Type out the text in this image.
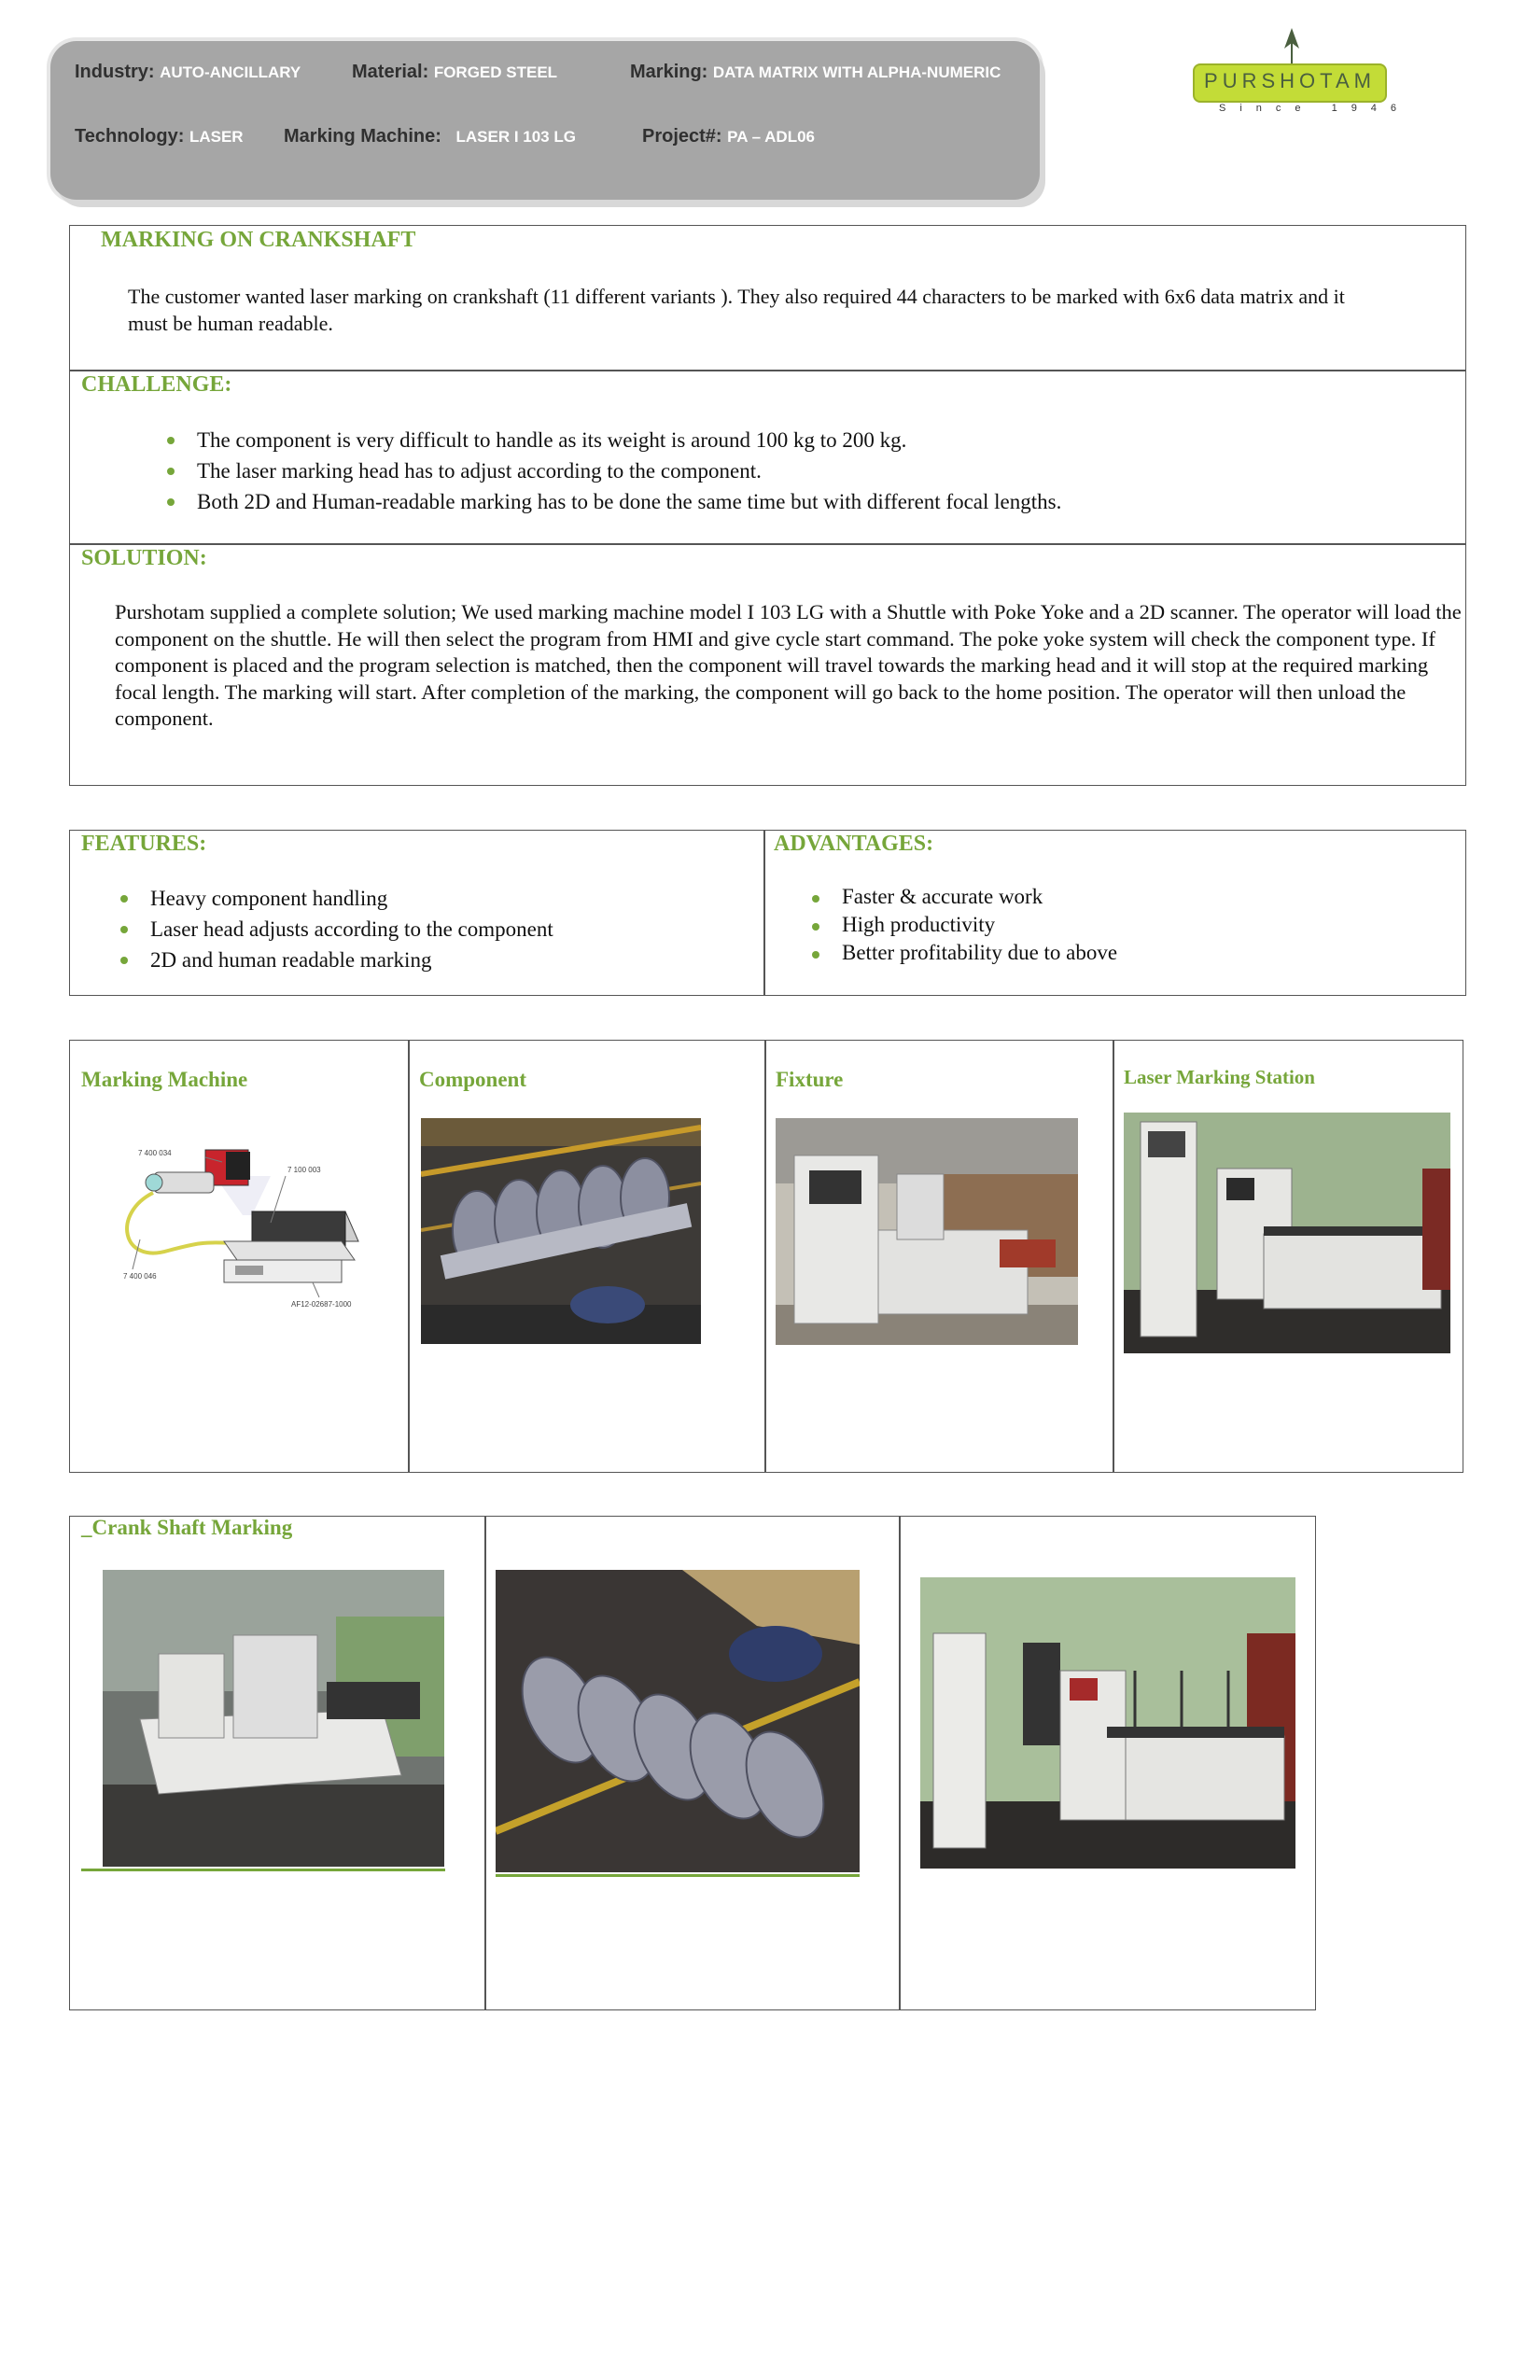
Industry: AUTO-ANCILLARY	Material: FORGED STEEL	Marking: DATA MATRIX WITH ALPHA-NUMERIC
Technology: LASER Marking Machine: LASER I 103 LG	Project#: PA – ADL06
PURSHOTAM
Since 1946
MARKING ON CRANKSHAFT
The customer wanted laser marking on crankshaft (11 different variants ). They also required 44 characters to be marked with 6x6 data matrix and it must be human readable.
CHALLENGE:
The component is very difficult to handle as its weight is around 100 kg to 200 kg.
The laser marking head has to adjust according to the component.
Both 2D and Human-readable marking has to be done the same time but with different focal lengths.
SOLUTION:
Purshotam supplied a complete solution; We used marking machine model I 103 LG with a Shuttle with Poke Yoke and a 2D scanner. The operator will load the component on the shuttle. He will then select the program from HMI and give cycle start command. The poke yoke system will check the component type. If component is placed and the program selection is matched, then the component will travel towards the marking head and it will stop at the required marking focal length. The marking will start. After completion of the marking, the component will go back to the home position. The operator will then unload the component.
FEATURES:
Heavy component handling
Laser head adjusts according to the component
2D and human readable marking
ADVANTAGES:
Faster & accurate work
High productivity
Better profitability due to above
Marking Machine	Component	Fixture	Laser Marking Station
7 400 034
7 100 003
7 400 046
AF12-02687-1000
_Crank Shaft Marking
